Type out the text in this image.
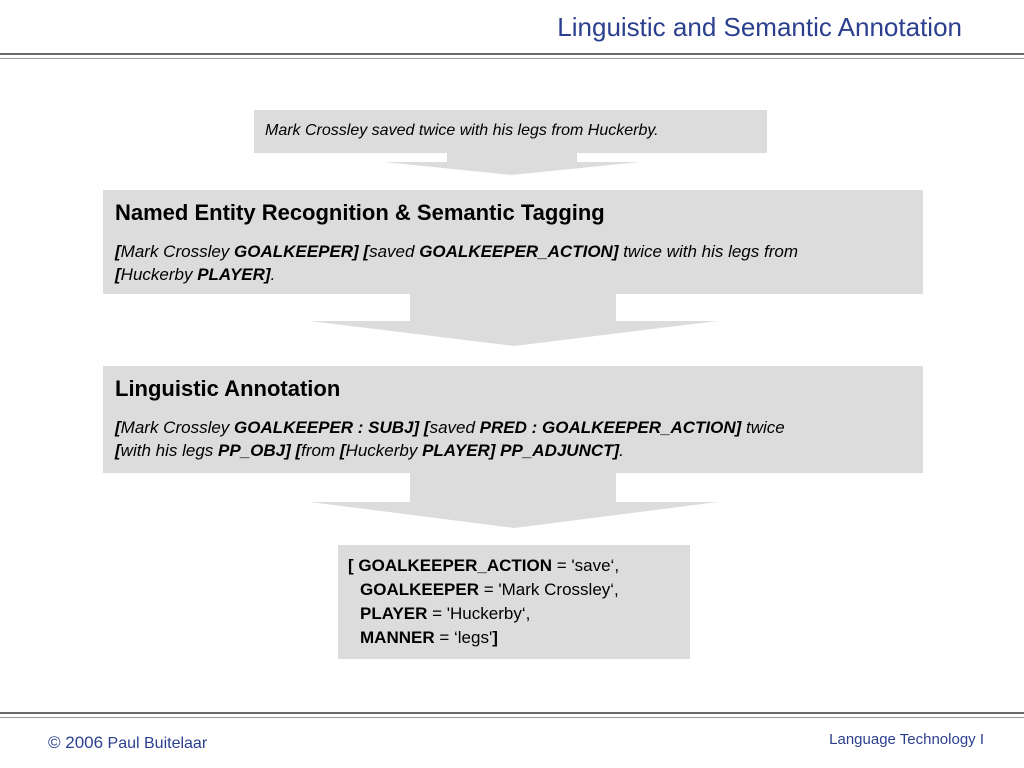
Linguistic and Semantic Annotation
Mark Crossley saved twice with his legs from Huckerby.
Named Entity Recognition & Semantic Tagging
[Mark Crossley GOALKEEPER] [saved GOALKEEPER_ACTION] twice with his legs from
[Huckerby PLAYER].
Linguistic Annotation
[Mark Crossley GOALKEEPER : SUBJ] [saved PRED : GOALKEEPER_ACTION] twice
[with his legs PP_OBJ] [from [Huckerby PLAYER] PP_ADJUNCT].
[ GOALKEEPER_ACTION = 'save‘,
GOALKEEPER = 'Mark Crossley‘,
PLAYER = 'Huckerby‘,
MANNER = ‘legs']
© 2006 Paul Buitelaar	Language Technology I
